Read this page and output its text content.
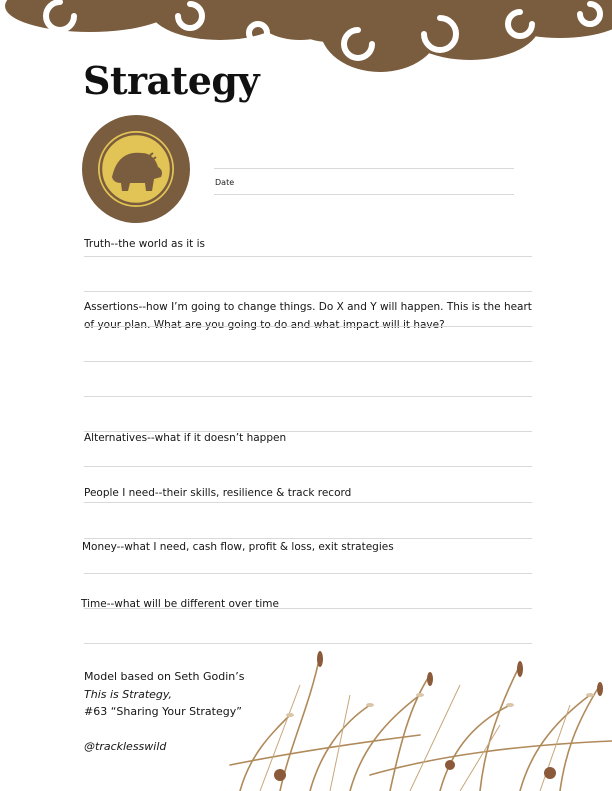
Strategy
Date
Truth--the world as it is
Assertions--how I’m going to change things. Do X and Y will happen. This is the heart
of your plan. What are you going to do and what impact will it have?
Alternatives--what if it doesn’t happen
People I need--their skills, resilience & track record
Money--what I need, cash flow, profit & loss, exit strategies
Time--what will be different over time
Model based on Seth Godin’s
This is Strategy,
#63 “Sharing Your Strategy”
@tracklesswild
